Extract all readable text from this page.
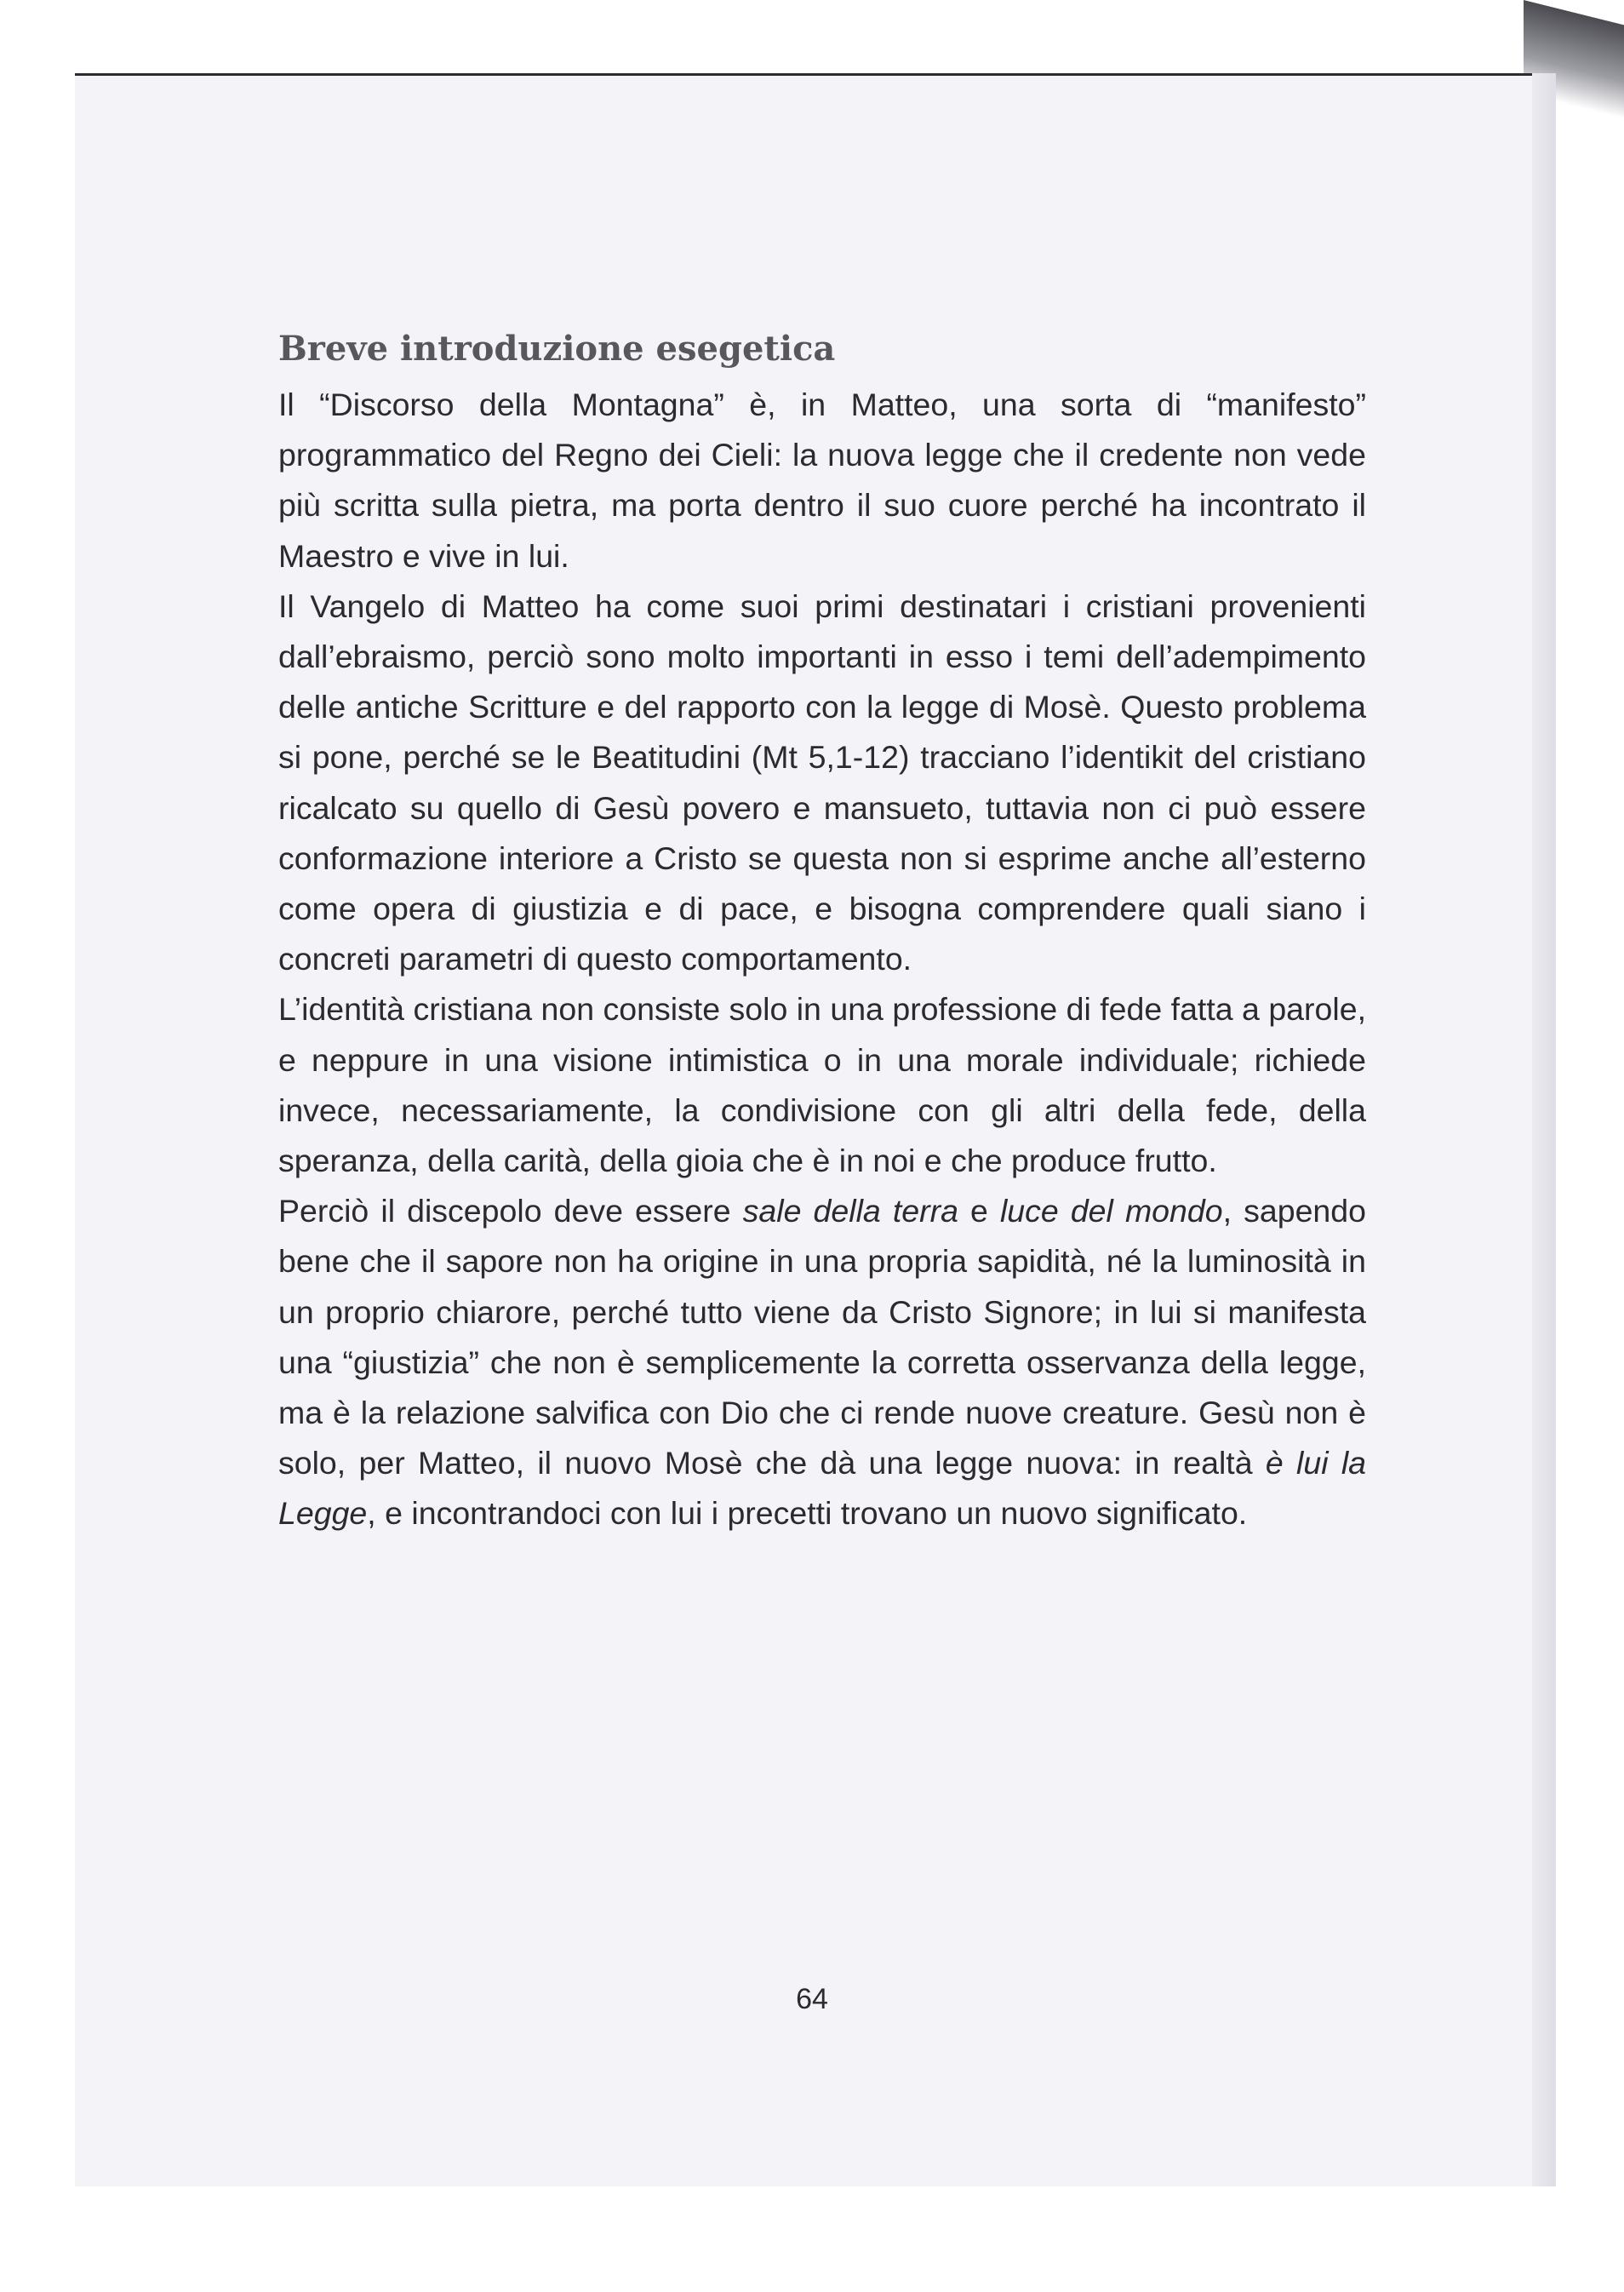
Breve introduzione esegetica

Il “Discorso della Montagna” è, in Matteo, una sorta di “manifesto” programmatico del Regno dei Cieli: la nuova legge che il credente non vede più scritta sulla pietra, ma porta dentro il suo cuore perché ha incontrato il Maestro e vive in lui.

Il Vangelo di Matteo ha come suoi primi destinatari i cristiani provenienti dall’ebraismo, perciò sono molto importanti in esso i temi dell’adempimento delle antiche Scritture e del rapporto con la legge di Mosè. Questo problema si pone, perché se le Beatitudini (Mt 5,1-12) tracciano l’identikit del cristiano ricalcato su quello di Gesù povero e mansueto, tuttavia non ci può essere conformazione interiore a Cristo se questa non si esprime anche all’esterno come opera di giustizia e di pace, e bisogna comprendere quali siano i concreti parametri di questo comportamento.

L’identità cristiana non consiste solo in una professione di fede fatta a parole, e neppure in una visione intimistica o in una morale individuale; richiede invece, necessariamente, la condivisione con gli altri della fede, della speranza, della carità, della gioia che è in noi e che produce frutto.

Perciò il discepolo deve essere sale della terra e luce del mondo, sapendo bene che il sapore non ha origine in una propria sapidità, né la luminosità in un proprio chiarore, perché tutto viene da Cristo Signore; in lui si manifesta una “giustizia” che non è semplicemente la corretta osservanza della legge, ma è la relazione salvifica con Dio che ci rende nuove creature. Gesù non è solo, per Matteo, il nuovo Mosè che dà una legge nuova: in realtà è lui la Legge, e incontrandoci con lui i precetti trovano un nuovo significato.

64
